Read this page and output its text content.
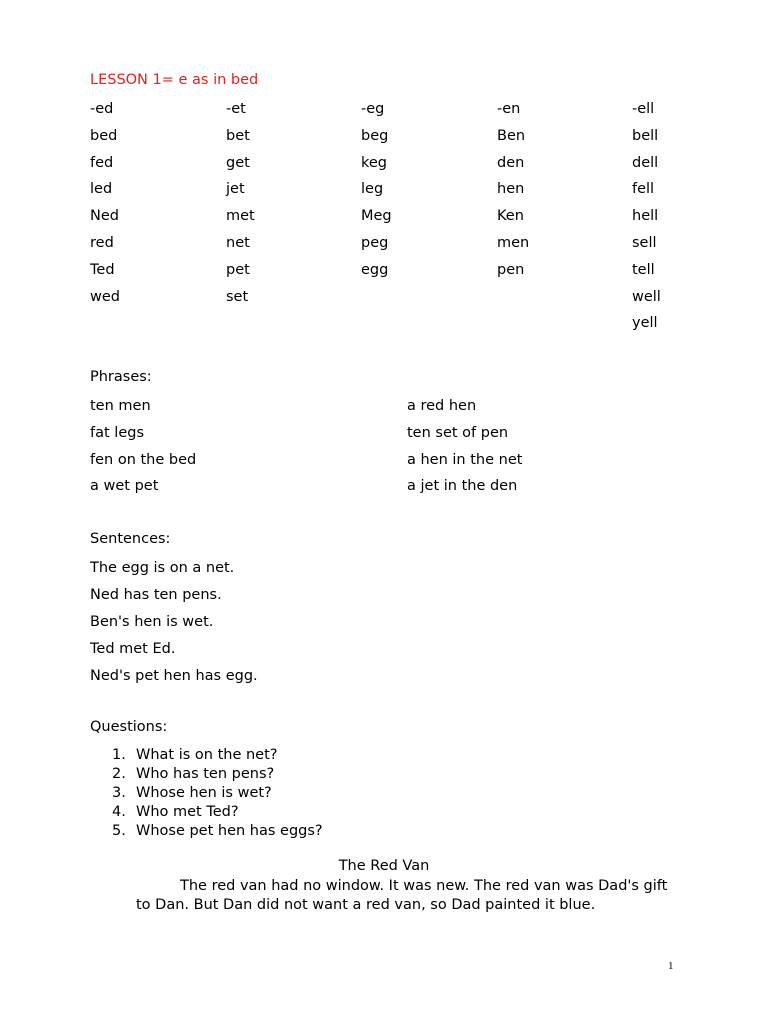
LESSON 1= e as in bed
-ed
bed
fed
led
Ned
red
Ted
wed
-et
bet
get
jet
met
net
pet
set
-eg
beg
keg
leg
Meg
peg
egg
-en
Ben
den
hen
Ken
men
pen
-ell
bell
dell
fell
hell
sell
tell
well
yell
Phrases:
ten men
fat legs
fen on the bed
a wet pet
a red hen
ten set of pen
a hen in the net
a jet in the den
Sentences:
The egg is on a net.
Ned has ten pens.
Ben's hen is wet.
Ted met Ed.
Ned's pet hen has egg.
Questions:
1. What is on the net?
2. Who has ten pens?
3. Whose hen is wet?
4. Who met Ted?
5. Whose pet hen has eggs?
The Red Van
The red van had no window. It was new. The red van was Dad's gift to Dan. But Dan did not want a red van, so Dad painted it blue.
1
